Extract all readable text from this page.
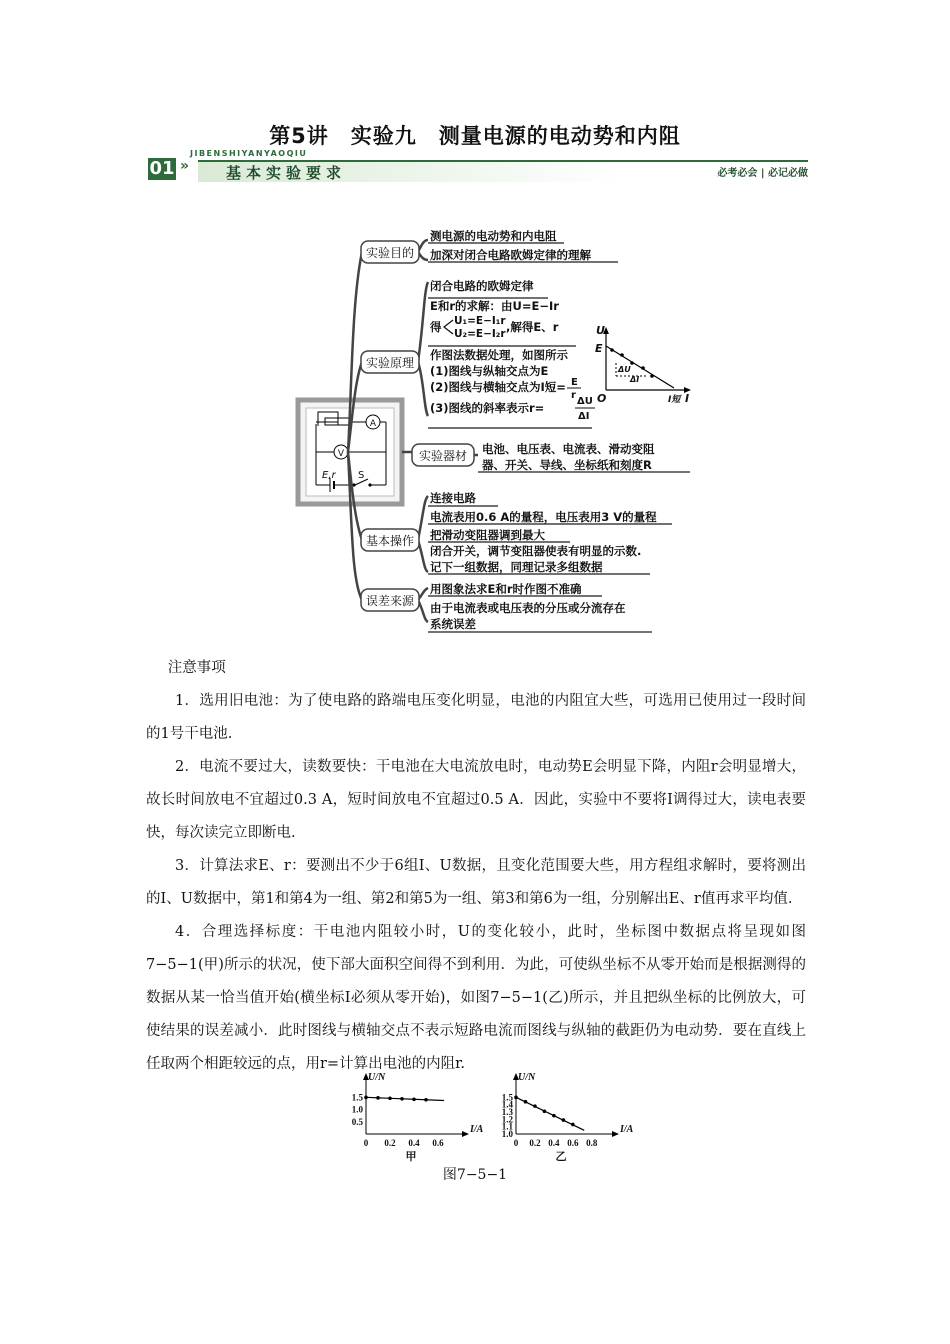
第5讲　实验九　测量电源的电动势和内阻
01 »
JIBENSHIYANYAOQIU
基本实验要求	必考必会 | 必记必做
A
V
E,r S
实验目的
实验原理
实验器材
基本操作
误差来源
测电源的电动势和内电阻
加深对闭合电路欧姆定律的理解
闭合电路的欧姆定律
E和r的求解：由U=E−Ir
得 U₁=E−I₁r
U₂=E−I₂r ,解得E、r
作图法数据处理，如图所示
(1)图线与纵轴交点为E
(2)图线与横轴交点为I短= E
r
(3)图线的斜率表示r=	ΔU
ΔI
电池、电压表、电流表、滑动变阻
器、开关、导线、坐标纸和刻度R
连接电路
电流表用0.6 A的量程，电压表用3 V的量程
把滑动变阻器调到最大
闭合开关，调节变阻器使表有明显的示数.
记下一组数据，同理记录多组数据
用图象法求E和r时作图不准确
由于电流表或电压表的分压或分流存在
系统误差
U
E
O	I短 I
ΔU
ΔI

注意事项

1．选用旧电池：为了使电路的路端电压变化明显，电池的内阻宜大些，可选用已使用过一段时间的1号干电池.

2．电流不要过大，读数要快：干电池在大电流放电时，电动势E会明显下降，内阻r会明显增大，故长时间放电不宜超过0.3 A，短时间放电不宜超过0.5 A．因此，实验中不要将I调得过大，读电表要快，每次读完立即断电.

3．计算法求E、r：要测出不少于6组I、U数据，且变化范围要大些，用方程组求解时，要将测出的I、U数据中，第1和第4为一组、第2和第5为一组、第3和第6为一组，分别解出E、r值再求平均值.

4．合理选择标度：干电池内阻较小时，U的变化较小，此时，坐标图中数据点将呈现如图7−5−1(甲)所示的状况，使下部大面积空间得不到利用．为此，可使纵坐标不从零开始而是根据测得的数据从某一恰当值开始(横坐标I必须从零开始)，如图7−5−1(乙)所示，并且把纵坐标的比例放大，可使结果的误差减小．此时图线与横轴交点不表示短路电流而图线与纵轴的截距仍为电动势．要在直线上任取两个相距较远的点，用r=计算出电池的内阻r.

U/N
I/A
0 0.2 0.4 0.6
0.5
1.0
1.5
甲
U/N
I/A
0 0.2 0.4 0.6 0.8
1.0
1.1
1.2
1.3
1.4
1.5
乙
图7−5−1
